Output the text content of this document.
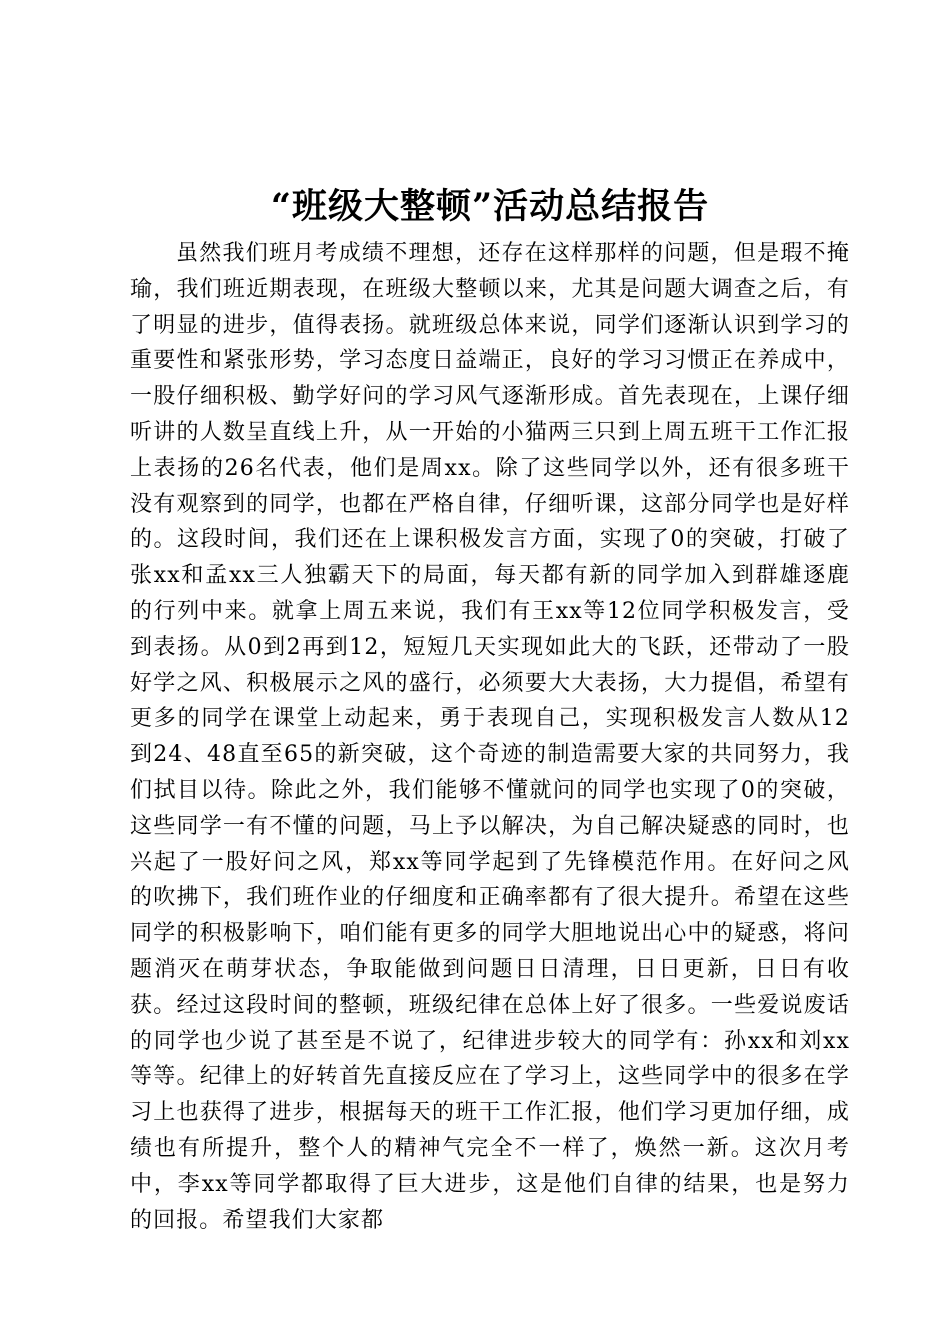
“班级大整顿”活动总结报告

虽然我们班月考成绩不理想，还存在这样那样的问题，但是瑕不掩瑜，我们班近期表现，在班级大整顿以来，尤其是问题大调查之后，有了明显的进步，值得表扬。就班级总体来说，同学们逐渐认识到学习的重要性和紧张形势，学习态度日益端正，良好的学习习惯正在养成中，一股仔细积极、勤学好问的学习风气逐渐形成。首先表现在，上课仔细听讲的人数呈直线上升，从一开始的小猫两三只到上周五班干工作汇报上表扬的26名代表，他们是周xx。除了这些同学以外，还有很多班干没有观察到的同学，也都在严格自律，仔细听课，这部分同学也是好样的。这段时间，我们还在上课积极发言方面，实现了0的突破，打破了张xx和孟xx三人独霸天下的局面，每天都有新的同学加入到群雄逐鹿的行列中来。就拿上周五来说，我们有王xx等12位同学积极发言，受到表扬。从0到2再到12，短短几天实现如此大的飞跃，还带动了一股好学之风、积极展示之风的盛行，必须要大大表扬，大力提倡，希望有更多的同学在课堂上动起来，勇于表现自己，实现积极发言人数从12到24、48直至65的新突破，这个奇迹的制造需要大家的共同努力，我们拭目以待。除此之外，我们能够不懂就问的同学也实现了0的突破，这些同学一有不懂的问题，马上予以解决，为自己解决疑惑的同时，也兴起了一股好问之风，郑xx等同学起到了先锋模范作用。在好问之风的吹拂下，我们班作业的仔细度和正确率都有了很大提升。希望在这些同学的积极影响下，咱们能有更多的同学大胆地说出心中的疑惑，将问题消灭在萌芽状态，争取能做到问题日日清理，日日更新，日日有收获。经过这段时间的整顿，班级纪律在总体上好了很多。一些爱说废话的同学也少说了甚至是不说了，纪律进步较大的同学有：孙xx和刘xx等等。纪律上的好转首先直接反应在了学习上，这些同学中的很多在学习上也获得了进步，根据每天的班干工作汇报，他们学习更加仔细，成绩也有所提升，整个人的精神气完全不一样了，焕然一新。这次月考中，李xx等同学都取得了巨大进步，这是他们自律的结果，也是努力的回报。希望我们大家都
